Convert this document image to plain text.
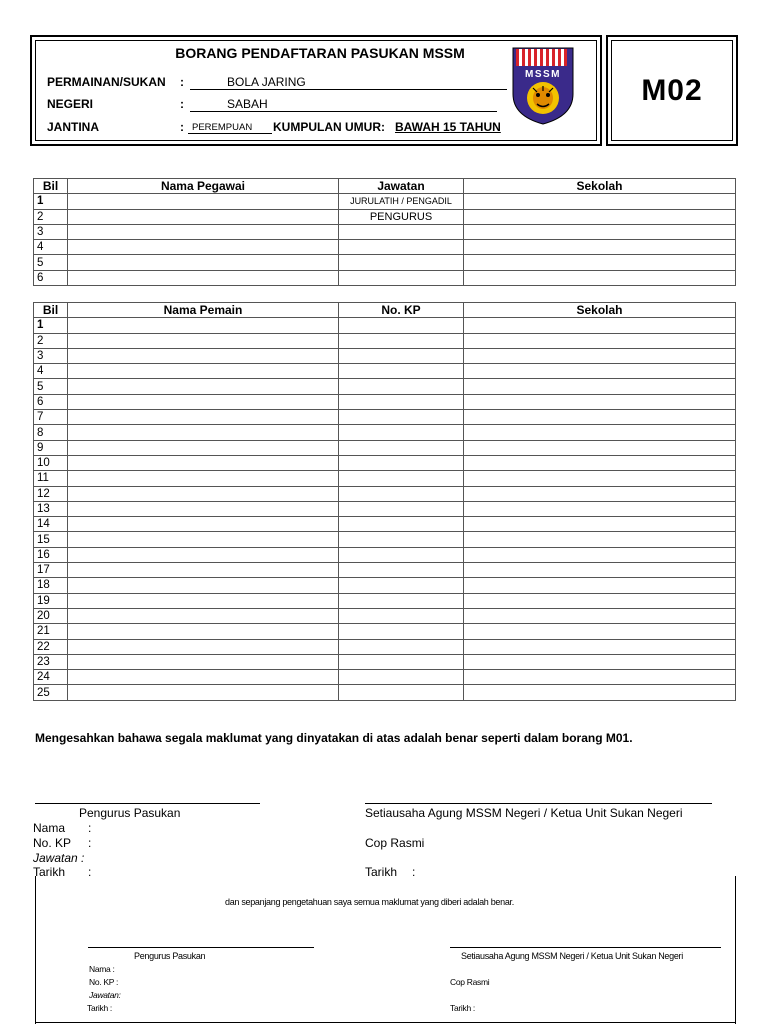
M02
BORANG PENDAFTARAN PASUKAN MSSM
PERMAINAN/SUKAN :	BOLA JARING
NEGERI	:	SABAH
JANTINA	: PEREMPUAN KUMPULAN UMUR: BAWAH 15 TAHUN
MSSM
Bil	Nama Pegawai	Jawatan	Sekolah
1		JURULATIH / PENGADIL	
2		PENGURUS	
3			
4			
5			
6			
Bil	Nama Pemain	No. KP	Sekolah
1			
2			
3			
4			
5			
6			
7			
8			
9			
10			
11			
12			
13			
14			
15			
16			
17			
18			
19			
20			
21			
22			
23			
24			
25			
Mengesahkan bahawa segala maklumat yang dinyatakan di atas adalah benar seperti dalam borang M01.
Pengurus Pasukan
Nama :
No. KP :
Jawatan :
Tarikh :
Setiausaha Agung MSSM Negeri / Ketua Unit Sukan Negeri
Cop Rasmi
Tarikh :
dan sepanjang pengetahuan saya semua maklumat yang diberi adalah benar.
Pengurus Pasukan
Nama :
No. KP :
Jawatan:
Tarikh :
Setiausaha Agung MSSM Negeri / Ketua Unit Sukan Negeri
Cop Rasmi
Tarikh :
